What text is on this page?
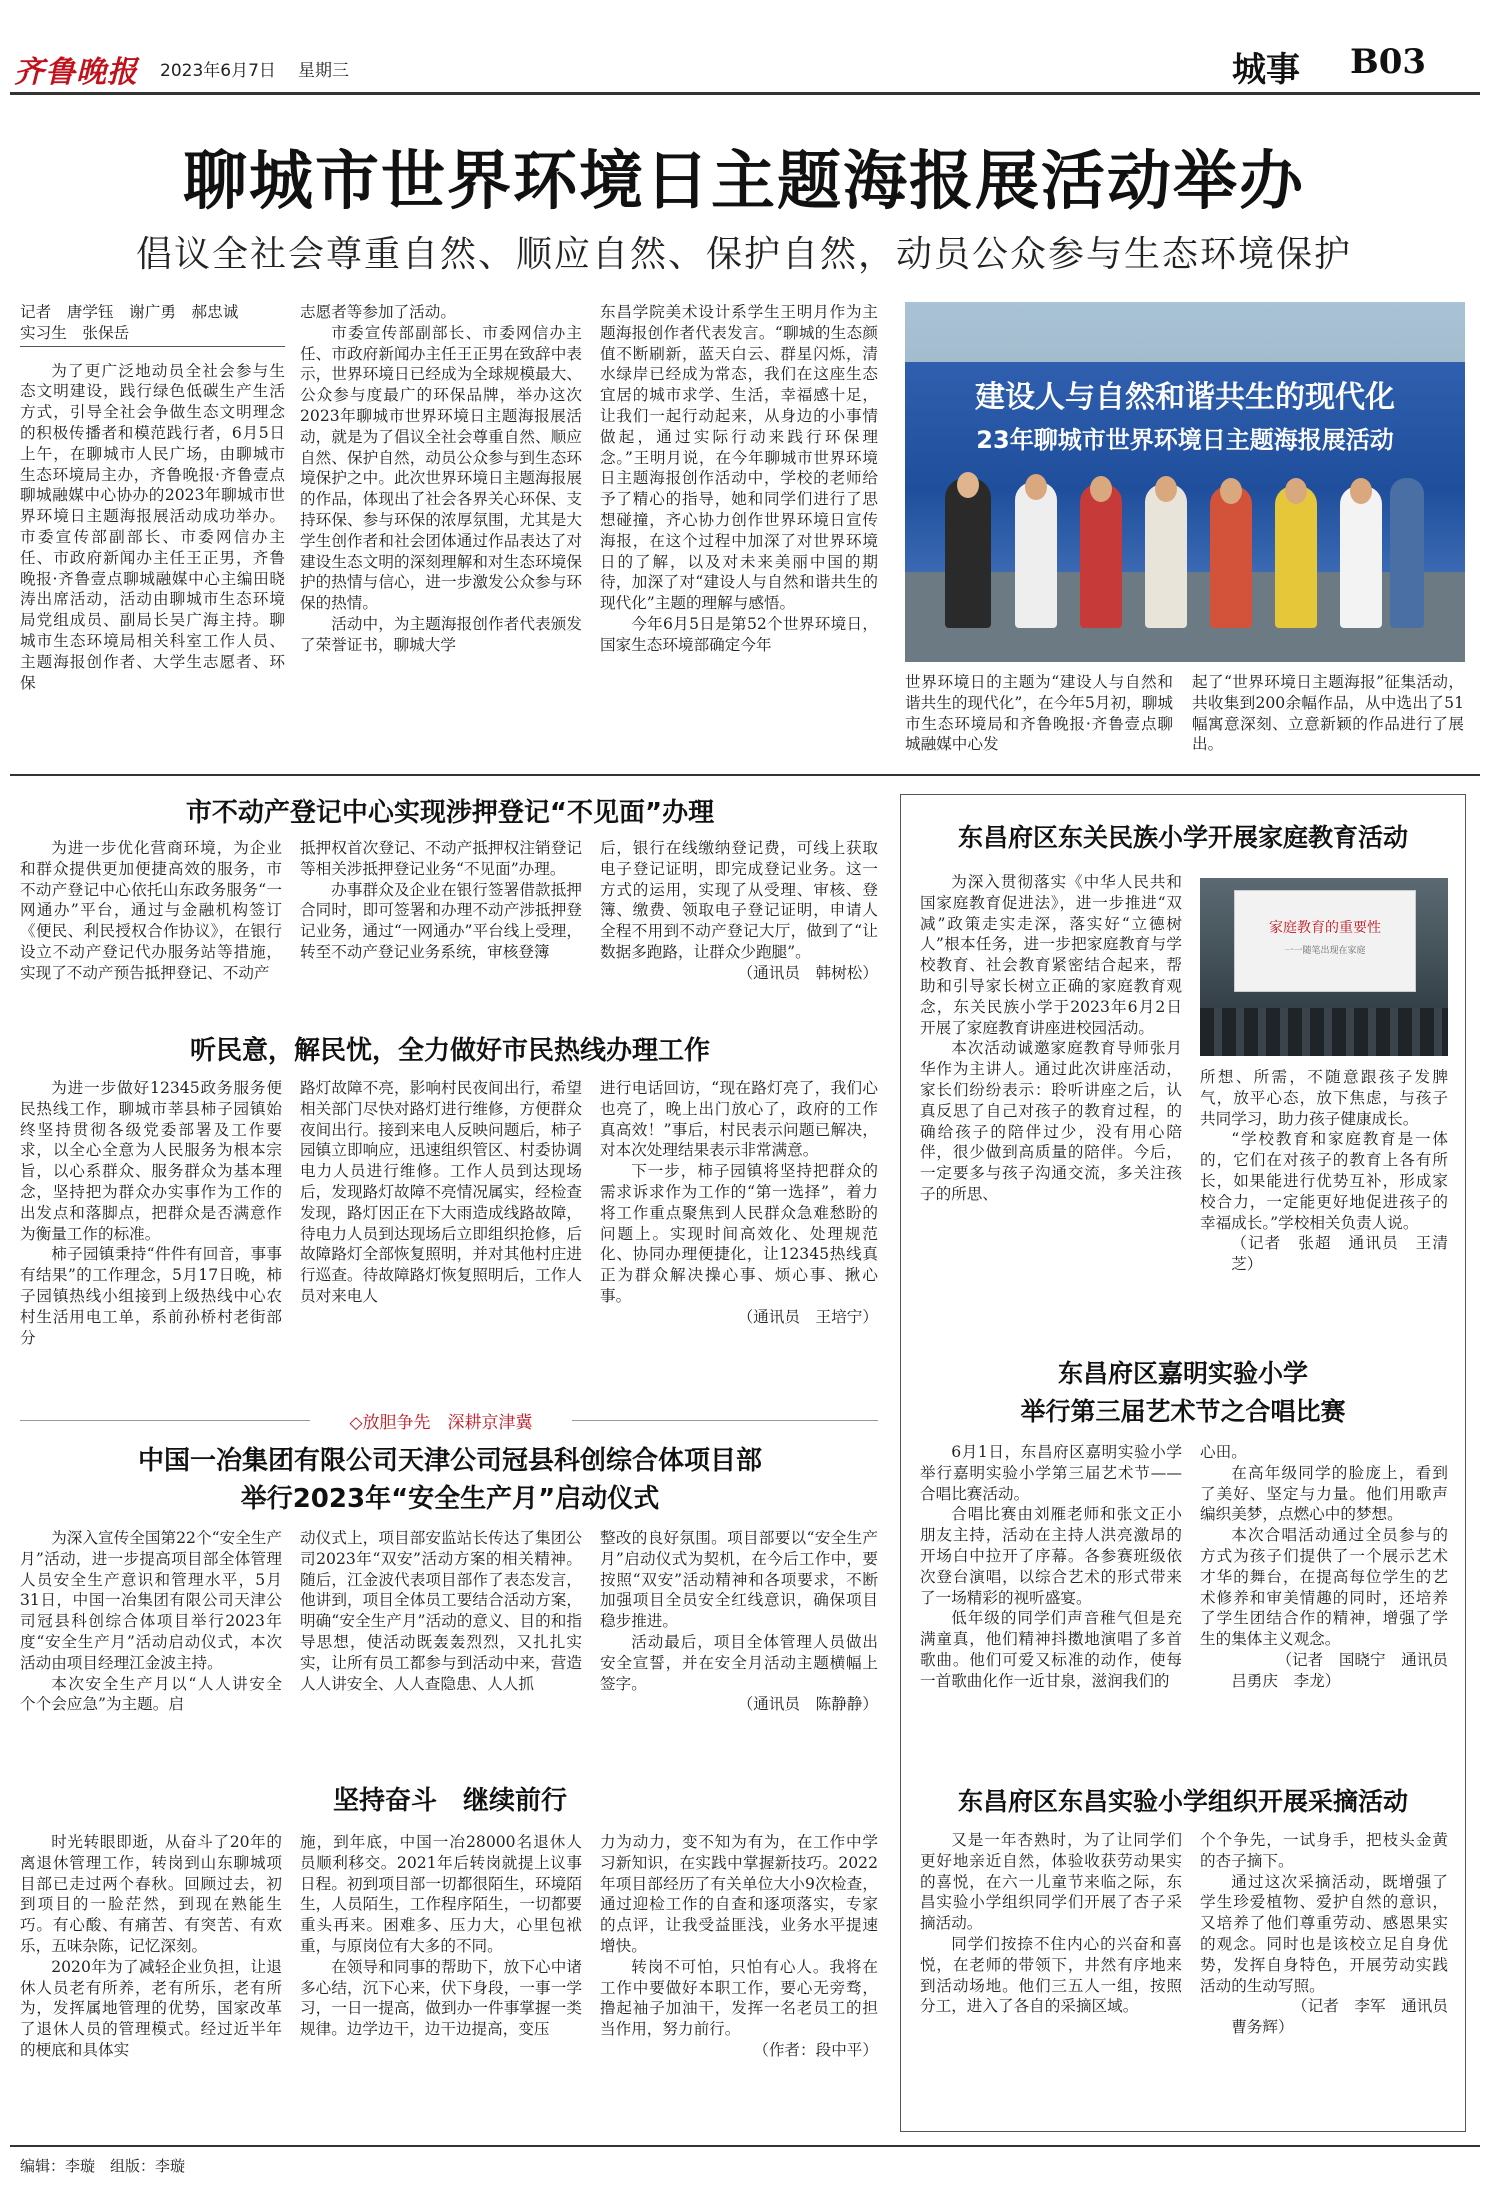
齐鲁晚报 2023年6月7日 星期三	城事 B03
聊城市世界环境日主题海报展活动举办
倡议全社会尊重自然、顺应自然、保护自然，动员公众参与生态环境保护

记者　唐学钰　谢广勇　郝忠诚

实习生　张保岳

为了更广泛地动员全社会参与生态文明建设，践行绿色低碳生产生活方式，引导全社会争做生态文明理念的积极传播者和模范践行者，6月5日上午，在聊城市人民广场，由聊城市生态环境局主办，齐鲁晚报·齐鲁壹点聊城融媒中心协办的2023年聊城市世界环境日主题海报展活动成功举办。市委宣传部副部长、市委网信办主任、市政府新闻办主任王正男，齐鲁晚报·齐鲁壹点聊城融媒中心主编田晓涛出席活动，活动由聊城市生态环境局党组成员、副局长吴广海主持。聊城市生态环境局相关科室工作人员、主题海报创作者、大学生志愿者、环保

志愿者等参加了活动。

市委宣传部副部长、市委网信办主任、市政府新闻办主任王正男在致辞中表示，世界环境日已经成为全球规模最大、公众参与度最广的环保品牌，举办这次2023年聊城市世界环境日主题海报展活动，就是为了倡议全社会尊重自然、顺应自然、保护自然，动员公众参与到生态环境保护之中。此次世界环境日主题海报展的作品，体现出了社会各界关心环保、支持环保、参与环保的浓厚氛围，尤其是大学生创作者和社会团体通过作品表达了对建设生态文明的深刻理解和对生态环境保护的热情与信心，进一步激发公众参与环保的热情。

活动中，为主题海报创作者代表颁发了荣誉证书，聊城大学

东昌学院美术设计系学生王明月作为主题海报创作者代表发言。“聊城的生态颜值不断刷新，蓝天白云、群星闪烁，清水绿岸已经成为常态，我们在这座生态宜居的城市求学、生活，幸福感十足，让我们一起行动起来，从身边的小事情做起，通过实际行动来践行环保理念。”王明月说，在今年聊城市世界环境日主题海报创作活动中，学校的老师给予了精心的指导，她和同学们进行了思想碰撞，齐心协力创作世界环境日宣传海报，在这个过程中加深了对世界环境日的了解，以及对未来美丽中国的期待，加深了对“建设人与自然和谐共生的现代化”主题的理解与感悟。

今年6月5日是第52个世界环境日，国家生态环境部确定今年

建设人与自然和谐共生的现代化
23年聊城市世界环境日主题海报展活动

世界环境日的主题为“建设人与自然和谐共生的现代化”，在今年5月初，聊城市生态环境局和齐鲁晚报·齐鲁壹点聊城融媒中心发

起了“世界环境日主题海报”征集活动，共收集到200余幅作品，从中选出了51幅寓意深刻、立意新颖的作品进行了展出。

市不动产登记中心实现涉押登记“不见面”办理

为进一步优化营商环境，为企业和群众提供更加便捷高效的服务，市不动产登记中心依托山东政务服务“一网通办”平台，通过与金融机构签订《便民、利民授权合作协议》，在银行设立不动产登记代办服务站等措施，实现了不动产预告抵押登记、不动产

抵押权首次登记、不动产抵押权注销登记等相关涉抵押登记业务“不见面”办理。

办事群众及企业在银行签署借款抵押合同时，即可签署和办理不动产涉抵押登记业务，通过“一网通办”平台线上受理，转至不动产登记业务系统，审核登簿

后，银行在线缴纳登记费，可线上获取电子登记证明，即完成登记业务。这一方式的运用，实现了从受理、审核、登簿、缴费、领取电子登记证明，申请人全程不用到不动产登记大厅，做到了“让数据多跑路，让群众少跑腿”。

（通讯员　韩树松）

听民意，解民忧，全力做好市民热线办理工作

为进一步做好12345政务服务便民热线工作，聊城市莘县柿子园镇始终坚持贯彻各级党委部署及工作要求，以全心全意为人民服务为根本宗旨，以心系群众、服务群众为基本理念，坚持把为群众办实事作为工作的出发点和落脚点，把群众是否满意作为衡量工作的标准。

柿子园镇秉持“件件有回音，事事有结果”的工作理念，5月17日晚，柿子园镇热线小组接到上级热线中心农村生活用电工单，系前孙桥村老街部分

路灯故障不亮，影响村民夜间出行，希望相关部门尽快对路灯进行维修，方便群众夜间出行。接到来电人反映问题后，柿子园镇立即响应，迅速组织管区、村委协调电力人员进行维修。工作人员到达现场后，发现路灯故障不亮情况属实，经检查发现，路灯因正在下大雨造成线路故障，待电力人员到达现场后立即组织抢修，后故障路灯全部恢复照明，并对其他村庄进行巡查。待故障路灯恢复照明后，工作人员对来电人

进行电话回访，“现在路灯亮了，我们心也亮了，晚上出门放心了，政府的工作真高效！”事后，村民表示问题已解决，对本次处理结果表示非常满意。

下一步，柿子园镇将坚持把群众的需求诉求作为工作的“第一选择”，着力将工作重点聚焦到人民群众急难愁盼的问题上。实现时间高效化、处理规范化、协同办理便捷化，让12345热线真正为群众解决操心事、烦心事、揪心事。

（通讯员　王培宁）

◇放胆争先　深耕京津冀
中国一冶集团有限公司天津公司冠县科创综合体项目部
举行2023年“安全生产月”启动仪式

为深入宣传全国第22个“安全生产月”活动，进一步提高项目部全体管理人员安全生产意识和管理水平，5月31日，中国一冶集团有限公司天津公司冠县科创综合体项目举行2023年度“安全生产月”活动启动仪式，本次活动由项目经理江金波主持。

本次安全生产月以“人人讲安全　个个会应急”为主题。启

动仪式上，项目部安监站长传达了集团公司2023年“双安”活动方案的相关精神。随后，江金波代表项目部作了表态发言，他讲到，项目全体员工要结合活动方案，明确“安全生产月”活动的意义、目的和指导思想，使活动既轰轰烈烈，又扎扎实实，让所有员工都参与到活动中来，营造人人讲安全、人人查隐患、人人抓

整改的良好氛围。项目部要以“安全生产月”启动仪式为契机，在今后工作中，要按照“双安”活动精神和各项要求，不断加强项目全员安全红线意识，确保项目稳步推进。

活动最后，项目全体管理人员做出安全宣誓，并在安全月活动主题横幅上签字。

（通讯员　陈静静）

坚持奋斗　继续前行

时光转眼即逝，从奋斗了20年的离退休管理工作，转岗到山东聊城项目部已走过两个春秋。回顾过去，初到项目的一脸茫然，到现在熟能生巧。有心酸、有痛苦、有突苦、有欢乐，五味杂陈，记忆深刻。

2020年为了减轻企业负担，让退休人员老有所养，老有所乐，老有所为，发挥属地管理的优势，国家改革了退休人员的管理模式。经过近半年的梗底和具体实

施，到年底，中国一冶28000名退休人员顺利移交。2021年后转岗就提上议事日程。初到项目部一切都很陌生，环境陌生，人员陌生，工作程序陌生，一切都要重头再来。困难多、压力大，心里包袱重，与原岗位有大多的不同。

在领导和同事的帮助下，放下心中诸多心结，沉下心来，伏下身段，一事一学习，一日一提高，做到办一件事掌握一类规律。边学边干，边干边提高，变压

力为动力，变不知为有为，在工作中学习新知识，在实践中掌握新技巧。2022年项目部经历了有关单位大小9次检查，通过迎检工作的自查和逐项落实，专家的点评，让我受益匪浅，业务水平提速增快。

转岗不可怕，只怕有心人。我将在工作中要做好本职工作，要心无旁骛，撸起袖子加油干，发挥一名老员工的担当作用，努力前行。

（作者：段中平）

东昌府区东关民族小学开展家庭教育活动

为深入贯彻落实《中华人民共和国家庭教育促进法》，进一步推进“双减”政策走实走深，落实好“立德树人”根本任务，进一步把家庭教育与学校教育、社会教育紧密结合起来，帮助和引导家长树立正确的家庭教育观念，东关民族小学于2023年6月2日开展了家庭教育讲座进校园活动。

本次活动诚邀家庭教育导师张月华作为主讲人。通过此次讲座活动，家长们纷纷表示：聆听讲座之后，认真反思了自己对孩子的教育过程，的确给孩子的陪伴过少，没有用心陪伴，很少做到高质量的陪伴。今后，一定要多与孩子沟通交流，多关注孩子的所思、

家庭教育的重要性
一一随笔出现在家庭

所想、所需，不随意跟孩子发脾气，放平心态，放下焦虑，与孩子共同学习，助力孩子健康成长。

“学校教育和家庭教育是一体的，它们在对孩子的教育上各有所长，如果能进行优势互补，形成家校合力，一定能更好地促进孩子的幸福成长。”学校相关负责人说。

（记者　张超　通讯员　王清芝）

东昌府区嘉明实验小学
举行第三届艺术节之合唱比赛

6月1日，东昌府区嘉明实验小学举行嘉明实验小学第三届艺术节——合唱比赛活动。

合唱比赛由刘雁老师和张文正小朋友主持，活动在主持人洪亮激昂的开场白中拉开了序幕。各参赛班级依次登台演唱，以综合艺术的形式带来了一场精彩的视听盛宴。

低年级的同学们声音稚气但是充满童真，他们精神抖擞地演唱了多首歌曲。他们可爱又标准的动作，使每一首歌曲化作一近甘泉，滋润我们的

心田。

在高年级同学的脸庞上，看到了美好、坚定与力量。他们用歌声编织美梦，点燃心中的梦想。

本次合唱活动通过全员参与的方式为孩子们提供了一个展示艺术才华的舞台，在提高每位学生的艺术修养和审美情趣的同时，还培养了学生团结合作的精神，增强了学生的集体主义观念。

（记者　国晓宁　通讯员

吕勇庆　李龙）

东昌府区东昌实验小学组织开展采摘活动

又是一年杏熟时，为了让同学们更好地亲近自然，体验收获劳动果实的喜悦，在六一儿童节来临之际，东昌实验小学组织同学们开展了杏子采摘活动。

同学们按捺不住内心的兴奋和喜悦，在老师的带领下，井然有序地来到活动场地。他们三五人一组，按照分工，进入了各自的采摘区域。

个个争先，一试身手，把枝头金黄的杏子摘下。

通过这次采摘活动，既增强了学生珍爱植物、爱护自然的意识，又培养了他们尊重劳动、感恩果实的观念。同时也是该校立足自身优势，发挥自身特色，开展劳动实践活动的生动写照。

（记者　李军　通讯员

曹务辉）

编辑：李璇 组版：李璇
